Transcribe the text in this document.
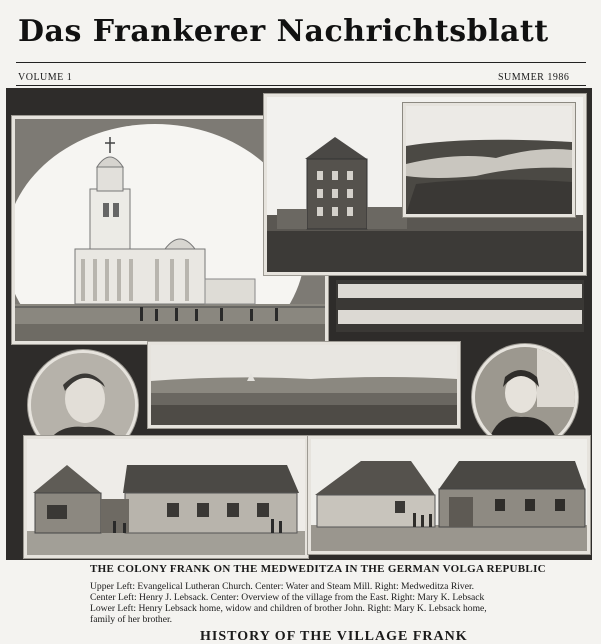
Das Frankerer Nachrichtsblatt
VOLUME 1	SUMMER 1986
THE COLONY FRANK ON THE MEDWEDITZA IN THE GERMAN VOLGA REPUBLIC
Upper Left: Evangelical Lutheran Church. Center: Water and Steam Mill. Right: Medweditza River.
Center Left: Henry J. Lebsack. Center: Overview of the village from the East. Right: Mary K. Lebsack
Lower Left: Henry Lebsack home, widow and children of brother John. Right: Mary K. Lebsack home,
family of her brother.
HISTORY OF THE VILLAGE FRANK
